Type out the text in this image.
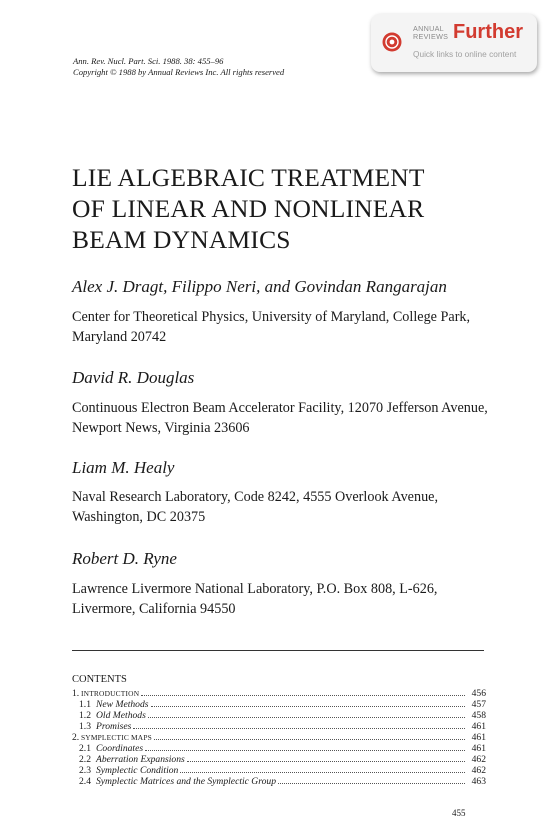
Ann. Rev. Nucl. Part. Sci. 1988. 38: 455–96
Copyright © 1988 by Annual Reviews Inc. All rights reserved
ANNUAL
REVIEWS Further
Quick links to online content
LIE ALGEBRAIC TREATMENT
OF LINEAR AND NONLINEAR
BEAM DYNAMICS
Alex J. Dragt, Filippo Neri, and Govindan Rangarajan
Center for Theoretical Physics, University of Maryland, College Park,
Maryland 20742
David R. Douglas
Continuous Electron Beam Accelerator Facility, 12070 Jefferson Avenue,
Newport News, Virginia 23606
Liam M. Healy
Naval Research Laboratory, Code 8242, 4555 Overlook Avenue,
Washington, DC 20375
Robert D. Ryne
Lawrence Livermore National Laboratory, P.O. Box 808, L-626,
Livermore, California 94550
CONTENTS
1. INTRODUCTION	456
1.1 New Methods	457
1.2 Old Methods	458
1.3 Promises	461
2. SYMPLECTIC MAPS	461
2.1 Coordinates	461
2.2 Aberration Expansions	462
2.3 Symplectic Condition	462
2.4 Symplectic Matrices and the Symplectic Group	463
455
